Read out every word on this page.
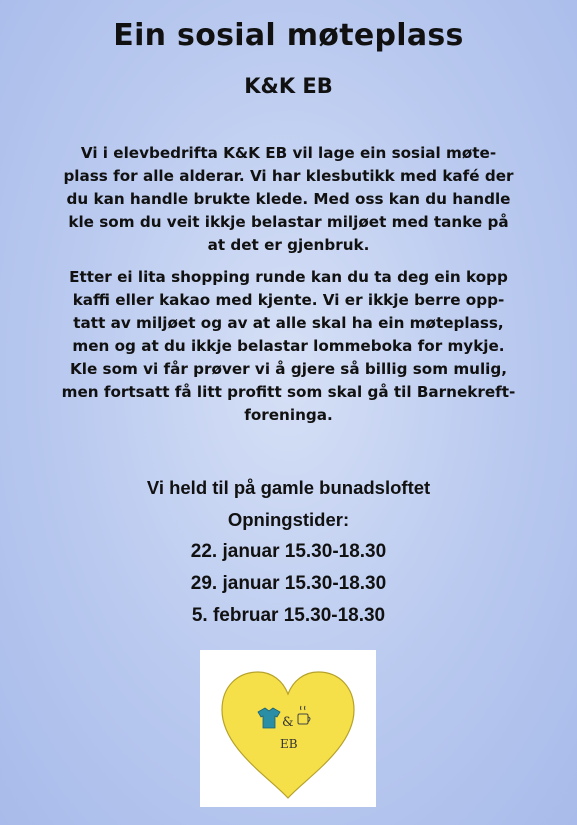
Ein sosial møteplass
K&K EB

Vi i elevbedrifta K&K EB vil lage ein sosial møte-

plass for alle alderar. Vi har klesbutikk med kafé der

du kan handle brukte klede. Med oss kan du handle

kle som du veit ikkje belastar miljøet med tanke på

at det er gjenbruk.

Etter ei lita shopping runde kan du ta deg ein kopp

kaffi eller kakao med kjente. Vi er ikkje berre opp-

tatt av miljøet og av at alle skal ha ein møteplass,

men og at du ikkje belastar lommeboka for mykje.

Kle som vi får prøver vi å gjere så billig som mulig,

men fortsatt få litt profitt som skal gå til Barnekreft-

foreninga.

Vi held til på gamle bunadsloftet
Opningstider:
22. januar 15.30-18.30
29. januar 15.30-18.30
5. februar 15.30-18.30
&
EB
